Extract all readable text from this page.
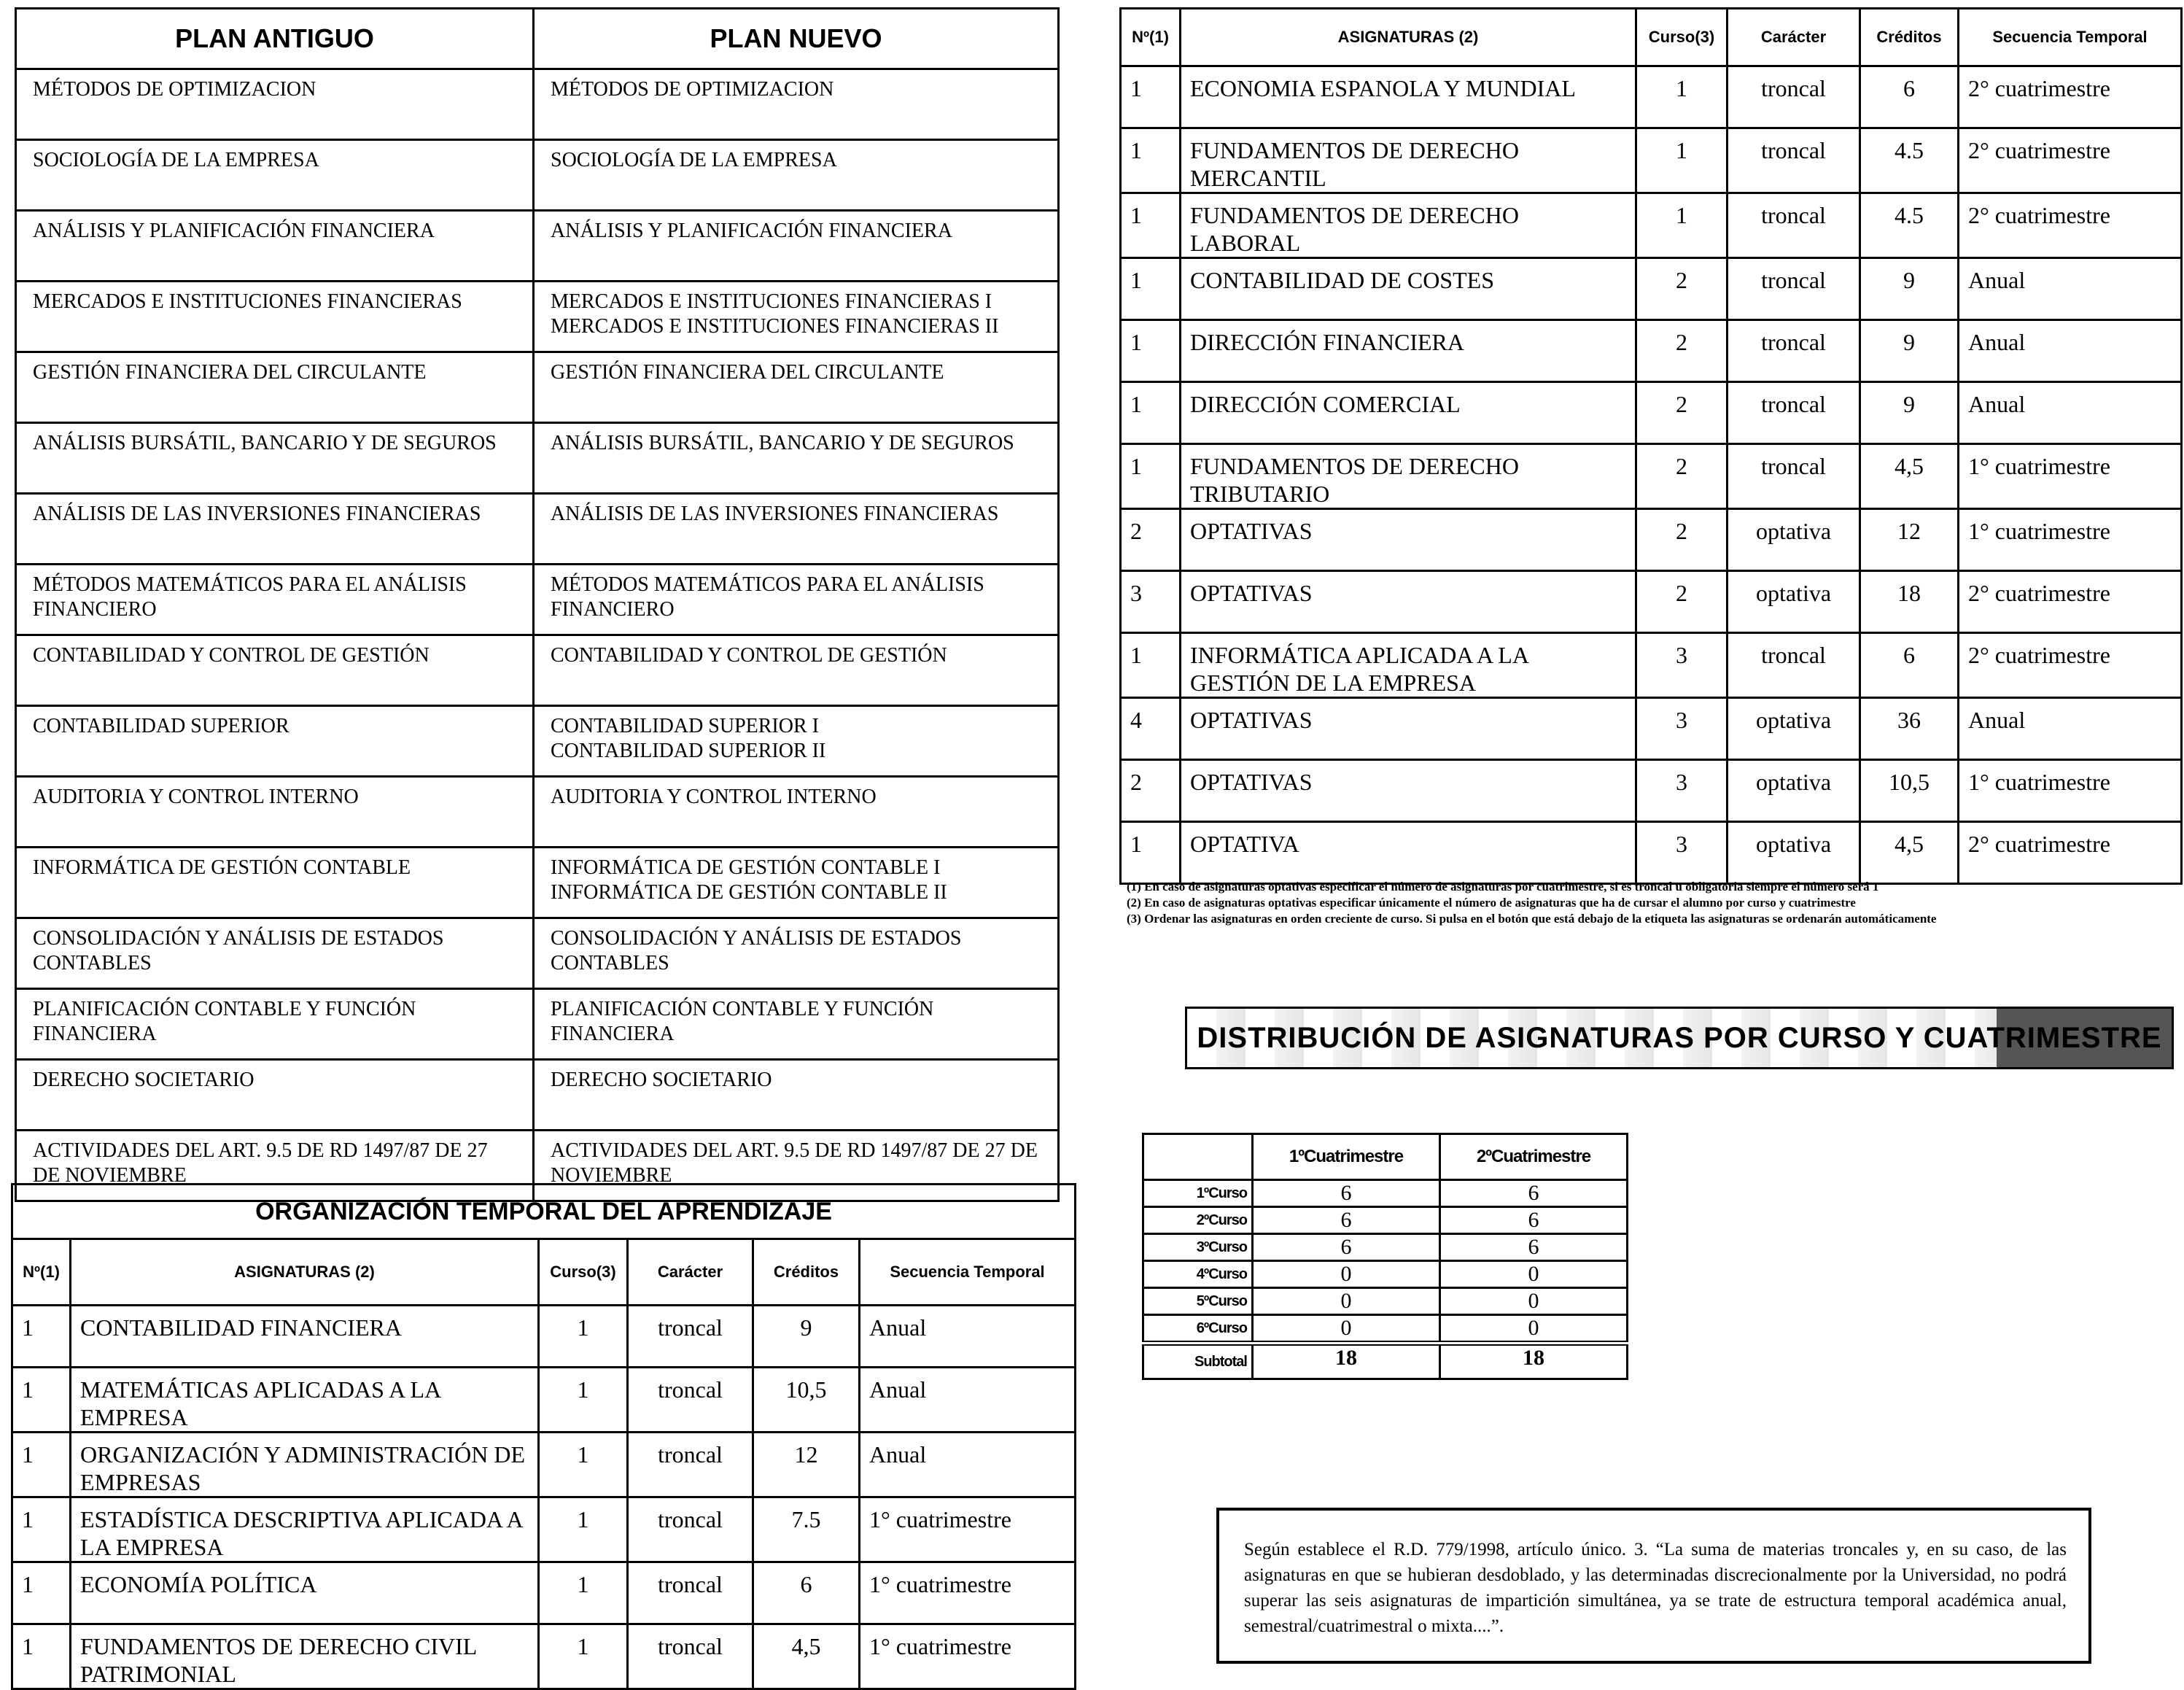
PLAN ANTIGUO	PLAN NUEVO
MÉTODOS DE OPTIMIZACION	MÉTODOS DE OPTIMIZACION
SOCIOLOGÍA DE LA EMPRESA	SOCIOLOGÍA DE LA EMPRESA
ANÁLISIS Y PLANIFICACIÓN FINANCIERA	ANÁLISIS Y PLANIFICACIÓN FINANCIERA
MERCADOS E INSTITUCIONES FINANCIERAS	MERCADOS E INSTITUCIONES FINANCIERAS I
MERCADOS E INSTITUCIONES FINANCIERAS II
GESTIÓN FINANCIERA DEL CIRCULANTE	GESTIÓN FINANCIERA DEL CIRCULANTE
ANÁLISIS BURSÁTIL, BANCARIO Y DE SEGUROS	ANÁLISIS BURSÁTIL, BANCARIO Y DE SEGUROS
ANÁLISIS DE LAS INVERSIONES FINANCIERAS	ANÁLISIS DE LAS INVERSIONES FINANCIERAS
MÉTODOS MATEMÁTICOS PARA EL ANÁLISIS FINANCIERO	MÉTODOS MATEMÁTICOS PARA EL ANÁLISIS FINANCIERO
CONTABILIDAD Y CONTROL DE GESTIÓN	CONTABILIDAD Y CONTROL DE GESTIÓN
CONTABILIDAD SUPERIOR	CONTABILIDAD SUPERIOR I
CONTABILIDAD SUPERIOR II
AUDITORIA Y CONTROL INTERNO	AUDITORIA Y CONTROL INTERNO
INFORMÁTICA DE GESTIÓN CONTABLE	INFORMÁTICA DE GESTIÓN CONTABLE I
INFORMÁTICA DE GESTIÓN CONTABLE II
CONSOLIDACIÓN Y ANÁLISIS DE ESTADOS CONTABLES	CONSOLIDACIÓN Y ANÁLISIS DE ESTADOS CONTABLES
PLANIFICACIÓN CONTABLE Y FUNCIÓN FINANCIERA	PLANIFICACIÓN CONTABLE Y FUNCIÓN FINANCIERA
DERECHO SOCIETARIO	DERECHO SOCIETARIO
ACTIVIDADES DEL ART. 9.5 DE RD 1497/87 DE 27 DE NOVIEMBRE	ACTIVIDADES DEL ART. 9.5 DE RD 1497/87 DE 27 DE NOVIEMBRE
ORGANIZACIÓN TEMPORAL DEL APRENDIZAJE					
Nº(1)	ASIGNATURAS (2)	Curso(3)	Carácter	Créditos	Secuencia Temporal
1	CONTABILIDAD FINANCIERA	1	troncal	9	Anual
1	MATEMÁTICAS APLICADAS A LA EMPRESA	1	troncal	10,5	Anual
1	ORGANIZACIÓN Y ADMINISTRACIÓN DE EMPRESAS	1	troncal	12	Anual
1	ESTADÍSTICA DESCRIPTIVA APLICADA A LA EMPRESA	1	troncal	7.5	1° cuatrimestre
1	ECONOMÍA POLÍTICA	1	troncal	6	1° cuatrimestre
1	FUNDAMENTOS DE DERECHO CIVIL PATRIMONIAL	1	troncal	4,5	1° cuatrimestre
Nº(1)	ASIGNATURAS (2)	Curso(3)	Carácter	Créditos	Secuencia Temporal
1	ECONOMIA ESPANOLA Y MUNDIAL	1	troncal	6	2° cuatrimestre
1	FUNDAMENTOS DE DERECHO MERCANTIL	1	troncal	4.5	2° cuatrimestre
1	FUNDAMENTOS DE DERECHO LABORAL	1	troncal	4.5	2° cuatrimestre
1	CONTABILIDAD DE COSTES	2	troncal	9	Anual
1	DIRECCIÓN FINANCIERA	2	troncal	9	Anual
1	DIRECCIÓN COMERCIAL	2	troncal	9	Anual
1	FUNDAMENTOS DE DERECHO TRIBUTARIO	2	troncal	4,5	1° cuatrimestre
2	OPTATIVAS	2	optativa	12	1° cuatrimestre
3	OPTATIVAS	2	optativa	18	2° cuatrimestre
1	INFORMÁTICA APLICADA A LA GESTIÓN DE LA EMPRESA	3	troncal	6	2° cuatrimestre
4	OPTATIVAS	3	optativa	36	Anual
2	OPTATIVAS	3	optativa	10,5	1° cuatrimestre
1	OPTATIVA	3	optativa	4,5	2° cuatrimestre
(1) En caso de asignaturas optativas especificar el número de asignaturas por cuatrimestre, si es troncal u obligatoria siempre el número será 1
(2) En caso de asignaturas optativas especificar únicamente el número de asignaturas que ha de cursar el alumno por curso y cuatrimestre
(3) Ordenar las asignaturas en orden creciente de curso. Si pulsa en el botón que está debajo de la etiqueta las asignaturas se ordenarán automáticamente
DISTRIBUCIÓN DE ASIGNATURAS POR CURSO Y CUATRIMESTRE
	1ºCuatrimestre	2ºCuatrimestre
1ºCurso	6	6
2ºCurso	6	6
3ºCurso	6	6
4ºCurso	0	0
5ºCurso	0	0
6ºCurso	0	0
Subtotal	18	18
Según establece el R.D. 779/1998, artículo único. 3. “La suma de materias troncales y, en su caso, de las asignaturas en que se hubieran desdoblado, y las determinadas discrecionalmente por la Universidad, no podrá superar las seis asignaturas de impartición simultánea, ya se trate de estructura temporal académica anual, semestral/cuatrimestral o mixta....”.
